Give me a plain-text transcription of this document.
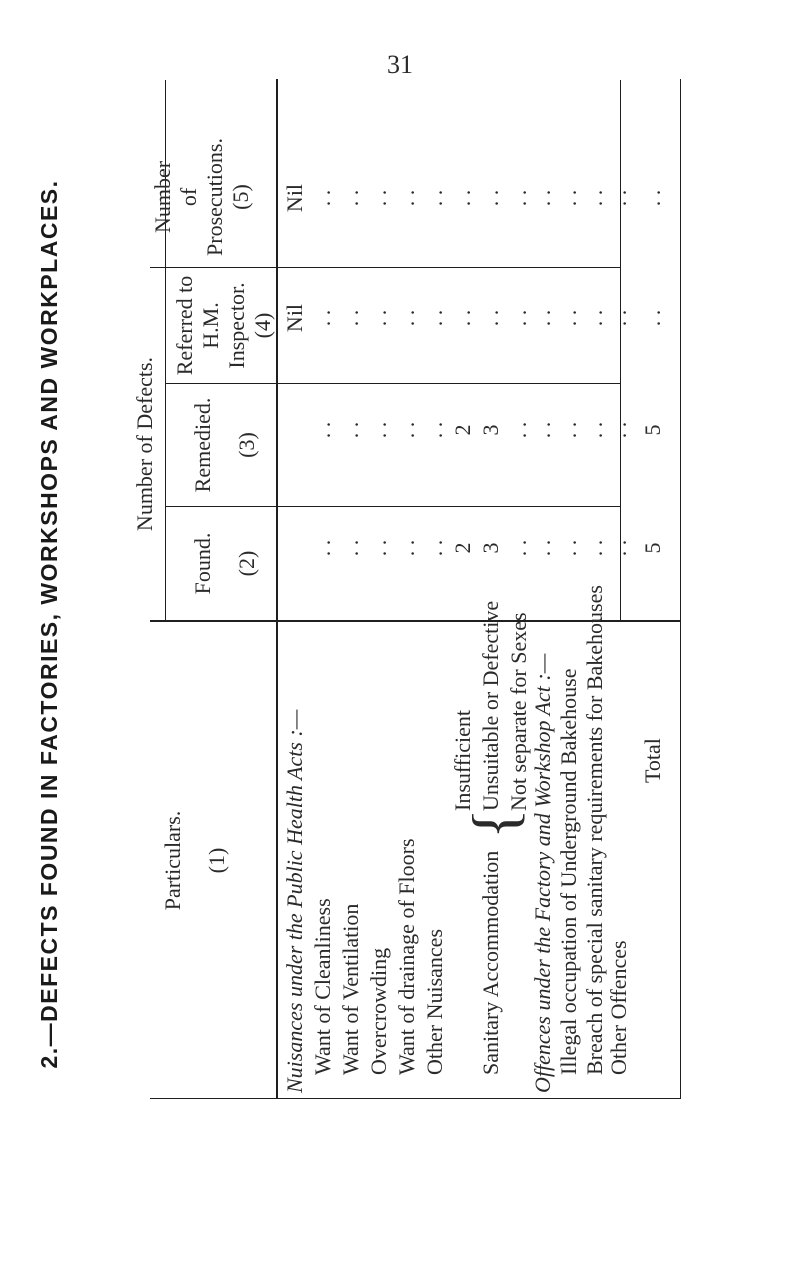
31
2.—DEFECTS FOUND IN FACTORIES, WORKSHOPS AND WORKPLACES.	Particulars. (1)
Number of Defects.
Found. (2)
Remedied. (3)
Referred to H.M. Inspector. (4)
Number of Prosecutions. (5)
Nuisances under the Public Health Acts :—
Nil
Nil
Want of Cleanliness
. .
. .
. .
. .
Want of Ventilation
. .
. .
. .
. .
Overcrowding
. .
. .
. .
. .
Want of drainage of Floors
. .
. .
. .
. .
Other Nuisances
. .
. .
. .
. .
Sanitary Accommodation
{
Insufficient
2
2
. .
. .
Unsuitable or Defective
3
3
. .
. .
Not separate for Sexes
. .
. .
. .
. .
Offences under the Factory and Workshop Act :—
. .
. .
. .
. .
Illegal occupation of Underground Bakehouse
. .
. .
. .
. .
Breach of special sanitary requirements for Bakehouses
. .
. .
. .
. .
Other Offences
. .
. .
. .
. .
Total
5
5
. .
. .
